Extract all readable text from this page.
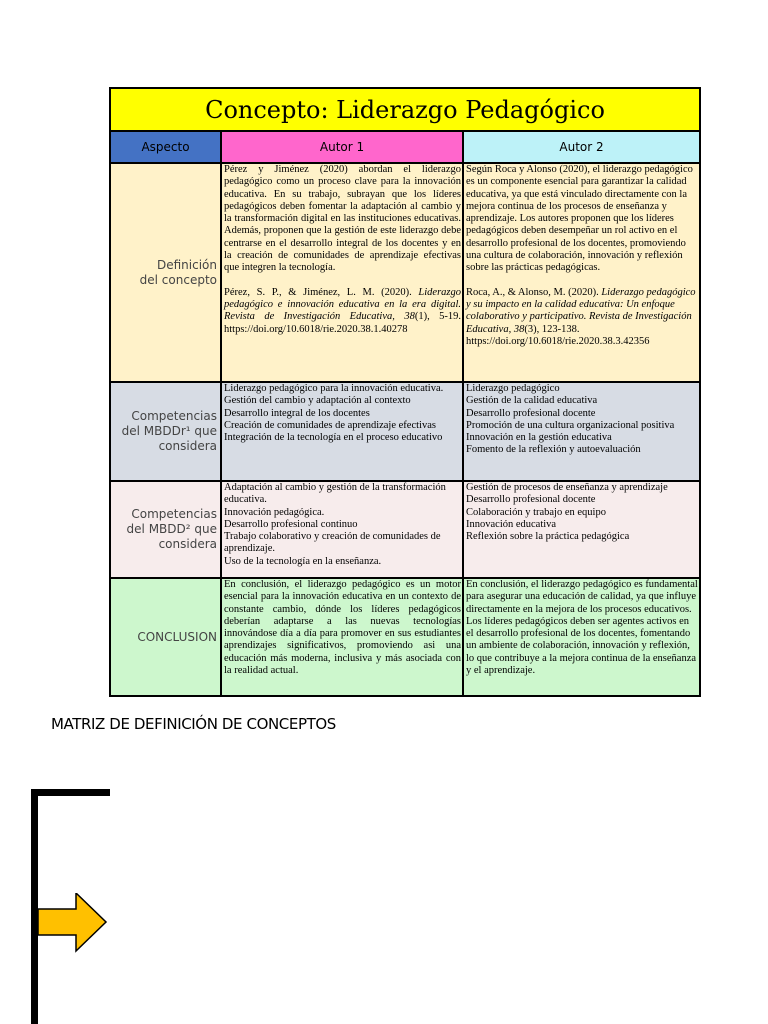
Concepto: Liderazgo Pedagógico
Aspecto	Autor 1	Autor 2
Definición del concepto

Pérez y Jiménez (2020) abordan el liderazgo pedagógico como un proceso clave para la innovación educativa. En su trabajo, subrayan que los líderes pedagógicos deben fomentar la adaptación al cambio y la transformación digital en las instituciones educativas. Además, proponen que la gestión de este liderazgo debe centrarse en el desarrollo integral de los docentes y en la creación de comunidades de aprendizaje efectivas que integren la tecnología.

Pérez, S. P., & Jiménez, L. M. (2020). Liderazgo pedagógico e innovación educativa en la era digital. Revista de Investigación Educativa, 38(1), 5-19. https://doi.org/10.6018/rie.2020.38.1.40278

Según Roca y Alonso (2020), el liderazgo pedagógico es un componente esencial para garantizar la calidad educativa, ya que está vinculado directamente con la mejora continua de los procesos de enseñanza y aprendizaje. Los autores proponen que los líderes pedagógicos deben desempeñar un rol activo en el desarrollo profesional de los docentes, promoviendo una cultura de colaboración, innovación y reflexión sobre las prácticas pedagógicas.

Roca, A., & Alonso, M. (2020). Liderazgo pedagógico y su impacto en la calidad educativa: Un enfoque colaborativo y participativo. Revista de Investigación Educativa, 38(3), 123-138. https://doi.org/10.6018/rie.2020.38.3.42356

Competencias del MBDDr¹ que considera

Liderazgo pedagógico para la innovación educativa.

Gestión del cambio y adaptación al contexto

Desarrollo integral de los docentes
Creación de comunidades de aprendizaje efectivas
Integración de la tecnología en el proceso educativo
Liderazgo pedagógico
Gestión de la calidad educativa
Desarrollo profesional docente
Promoción de una cultura organizacional positiva
Innovación en la gestión educativa
Fomento de la reflexión y autoevaluación
Competencias del MBDD² que considera
Adaptación al cambio y gestión de la transformación educativa.
Innovación pedagógica.
Desarrollo profesional continuo
Trabajo colaborativo y creación de comunidades de aprendizaje.
Uso de la tecnología en la enseñanza.
Gestión de procesos de enseñanza y aprendizaje
Desarrollo profesional docente
Colaboración y trabajo en equipo
Innovación educativa
Reflexión sobre la práctica pedagógica
CONCLUSION
En conclusión, el liderazgo pedagógico es un motor esencial para la innovación educativa en un contexto de constante cambio, dónde los líderes pedagógicos deberían adaptarse a las nuevas tecnologías innovándose día a día para promover en sus estudiantes aprendizajes significativos, promoviendo asi una educación más moderna, inclusiva y más asociada con la realidad actual.
En conclusión, el liderazgo pedagógico es fundamental para asegurar una educación de calidad, ya que influye directamente en la mejora de los procesos educativos. Los líderes pedagógicos deben ser agentes activos en el desarrollo profesional de los docentes, fomentando un ambiente de colaboración, innovación y reflexión, lo que contribuye a la mejora continua de la enseñanza y el aprendizaje.
MATRIZ DE DEFINICIÓN DE CONCEPTOS
